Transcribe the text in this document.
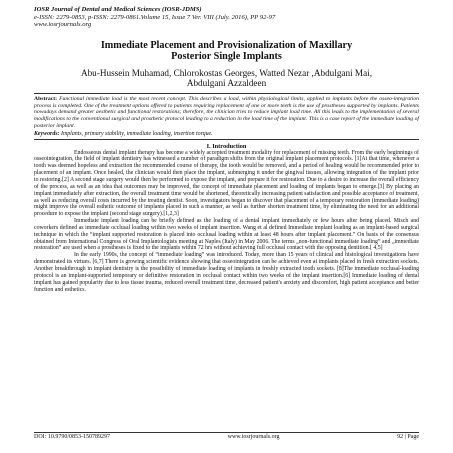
IOSR Journal of Dental and Medical Sciences (IOSR-JDMS)
e-ISSN: 2279-0853, p-ISSN: 2279-0861.Volume 15, Issue 7 Ver. VIII (July. 2016), PP 92-97
www.iosrjournals.org
Immediate Placement and Provisionalization of Maxillary
Posterior Single Implants
Abu-Hussein Muhamad, Chlorokostas Georges, Watted Nezar ,Abdulgani Mai,
Abdulgani Azzaldeen
Abstract: Functional immediate load is the most recent concept. This describes a load, within physiological limits, applied to implants before the osseo-integration process is completed. One of the treatment options offered to patients requiring replacement of one or more teeth is the use of prostheses supported by implants. Patients nowadays demand greater aesthetic and functional restorations; therefore, the clinician tries to reduce implant load time. All this leads to the implementation of several modifications to the conventional surgical and prosthetic protocol leading to a reduction in the load time of the implant. This is a case report of the immediate loading of posterior implant.
Keywords: Implants, primary stability, immediate loading, insertion torque.
I. Introduction

Endosseous dental implant therapy has become a widely accepted treatment modality for replacement of missing teeth. From the early beginnings of osseointegration, the field of implant dentistry has witnessed a number of paradigm shifts from the original implant placement protocols. [1]At that time, whenever a tooth was deemed hopeless and extraction the recommended course of therapy, the tooth would be removed, and a period of healing would be recommended prior to placement of an implant. Once healed, the clinician would then place the implant, submerging it under the gingival tissues, allowing integration of the implant prior to restoring.[2] A second stage surgery would then be performed to expose the implant, and prepare it for restoration. Due to a desire to increase the overall efficiency of the process, as well as an idea that outcomes may be improved, the concept of immediate placement and loading of implants began to emerge.[3] By placing an implant immediately after extraction, the overall treatment time would be shortened, theoretically increasing patient satisfaction and possible acceptance of treatment, as well as reducing overall costs incurred by the treating dentist. Soon, investigators began to discover that placement of a temporary restoration (immediate loading) might improve the overall esthetic outcome of implants placed in such a manner, as well as further shorten treatment time, by eliminating the need for an additional procedure to expose the implant (second stage surgery).[1,2,3]

Immediate implant loading can be briefly defined as the loading of a dental implant immediately or few hours after being placed. Misch and coworkers defined as immediate occlusal loading within two weeks of implant insertion. Wang et al defined Immediate implant loading as an implant-based surgical technique in which the “implant supported restoration is placed into occlusal loading within at least 48 hours after implant placement.” On basis of the consensus obtained from International Congress of Oral Implantologists meeting at Naples (Italy) in May 2006. The terms „non-functional immediate loading” and „immediate restoration” are used when a prostheses is fixed to the implants within 72 hrs without achieving full occlusal contact with the opposing dentition.[ 4,5]

In the early 1990s, the concept of “immediate loading” was introduced. Today, more than 15 years of clinical and histological investigations have demonstrated its virtues. [6,7] There is growing scientific evidence showing that osseointegration can be achieved even at implants placed in fresh extraction sockets. Another breakthrough in implant dentistry is the possibility of immediate loading of implants in freshly extracted tooth sockets. [8]The immediate occlusal-loading protocol is an implant-supported temporary or definitive restoration in occlusal contact within two weeks of the implant insertion.[6] Immediate loading of dental implant has gained popularity due to less tissue trauma, reduced overall treatment time, decreased patient's anxiety and discomfort, high patient acceptance and better function and esthetics.

DOI: 10.9790/0853-150789297	www.iosrjournals.org	92 | Page
